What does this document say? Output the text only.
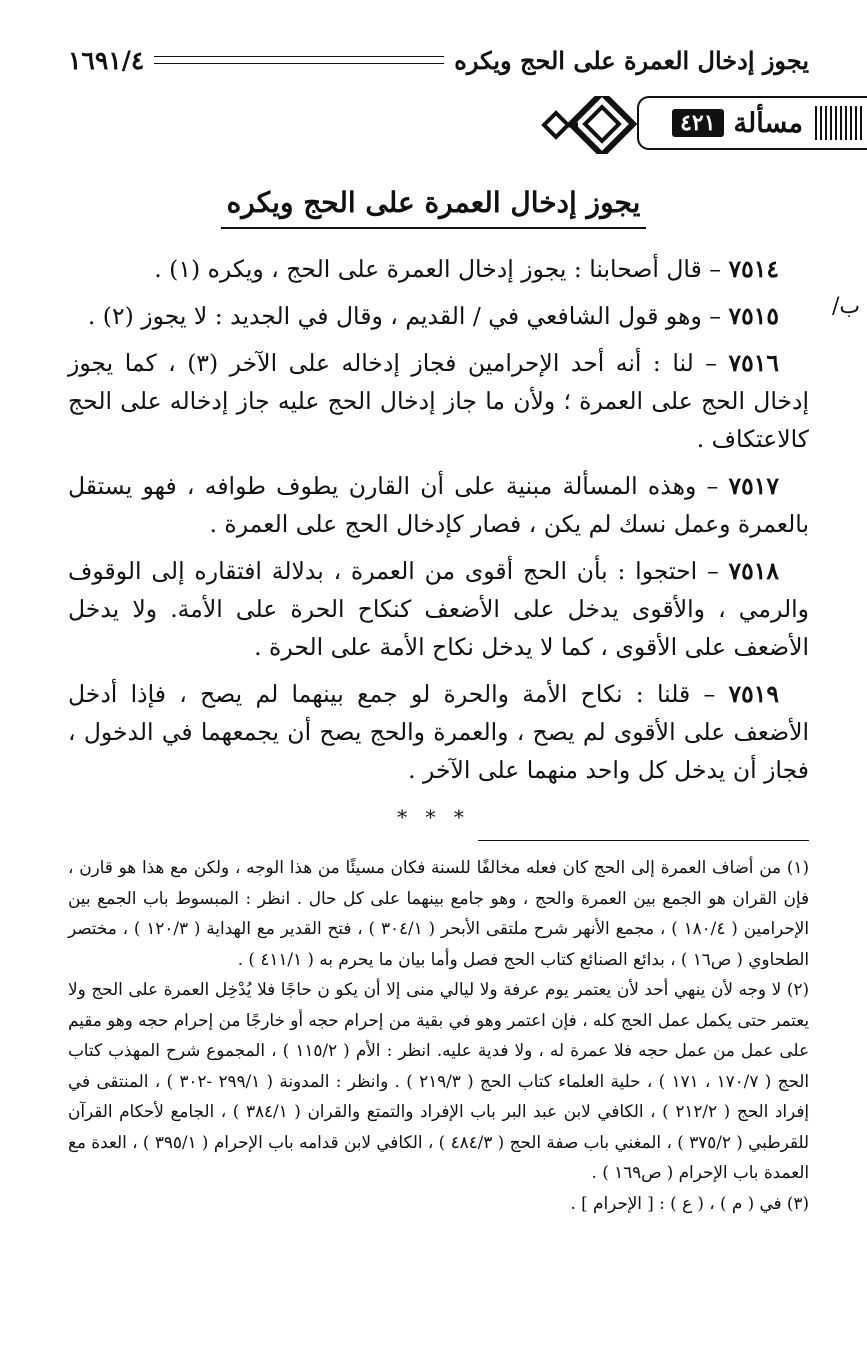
يجوز إدخال العمرة على الحج ويكره
١٦٩١/٤
مسألة
٤٢١
يجوز إدخال العمرة على الحج ويكره
/ب

٧٥١٤ – قال أصحابنا : يجوز إدخال العمرة على الحج ، ويكره (١) .

٧٥١٥ – وهو قول الشافعي في / القديم ، وقال في الجديد : لا يجوز (٢) .

٧٥١٦ – لنا : أنه أحد الإحرامين فجاز إدخاله على الآخر (٣) ، كما يجوز إدخال الحج على العمرة ؛ ولأن ما جاز إدخال الحج عليه جاز إدخاله على الحج كالاعتكاف .

٧٥١٧ – وهذه المسألة مبنية على أن القارن يطوف طوافه ، فهو يستقل بالعمرة وعمل نسك لم يكن ، فصار كإدخال الحج على العمرة .

٧٥١٨ – احتجوا : بأن الحج أقوى من العمرة ، بدلالة افتقاره إلى الوقوف والرمي ، والأقوى يدخل على الأضعف كنكاح الحرة على الأمة. ولا يدخل الأضعف على الأقوى ، كما لا يدخل نكاح الأمة على الحرة .

٧٥١٩ – قلنا : نكاح الأمة والحرة لو جمع بينهما لم يصح ، فإذا أدخل الأضعف على الأقوى لم يصح ، والعمرة والحج يصح أن يجمعهما في الدخول ، فجاز أن يدخل كل واحد منهما على الآخر .

* * *

(١) من أضاف العمرة إلى الحج كان فعله مخالفًا للسنة فكان مسيئًا من هذا الوجه ، ولكن مع هذا هو قارن ، فإن القران هو الجمع بين العمرة والحج ، وهو جامع بينهما على كل حال . انظر : المبسوط باب الجمع بين الإحرامين ( ١٨٠/٤ ) ، مجمع الأنهر شرح ملتقى الأبحر ( ٣٠٤/١ ) ، فتح القدير مع الهداية ( ١٢٠/٣ ) ، مختصر الطحاوي ( ص١٦ ) ، بدائع الصنائع كتاب الحج فصل وأما بيان ما يحرم به ( ٤١١/١ ) .

(٢) لا وجه لأن ينهي أحد لأن يعتمر يوم عرفة ولا ليالي منى إلا أن يكو ن حاجًا فلا يُدْخِل العمرة على الحج ولا يعتمر حتى يكمل عمل الحج كله ، فإن اعتمر وهو في بقية من إحرام حجه أو خارجًا من إحرام حجه وهو مقيم على عمل من عمل حجه فلا عمرة له ، ولا فدية عليه. انظر : الأم ( ١١٥/٢ ) ، المجموع شرح المهذب كتاب الحج ( ١٧٠/٧ ، ١٧١ ) ، حلية العلماء كتاب الحج ( ٢١٩/٣ ) . وانظر : المدونة ( ٢٩٩/١ -٣٠٢ ) ، المنتقى في إفراد الحج ( ٢١٢/٢ ) ، الكافي لابن عبد البر باب الإفراد والتمتع والقران ( ٣٨٤/١ ) ، الجامع لأحكام القرآن للقرطبي ( ٣٧٥/٢ ) ، المغني باب صفة الحج ( ٤٨٤/٣ ) ، الكافي لابن قدامه باب الإحرام ( ٣٩٥/١ ) ، العدة مع العمدة باب الإحرام ( ص١٦٩ ) .

(٣) في ( م ) ، ( ع ) : [ الإحرام ] .
